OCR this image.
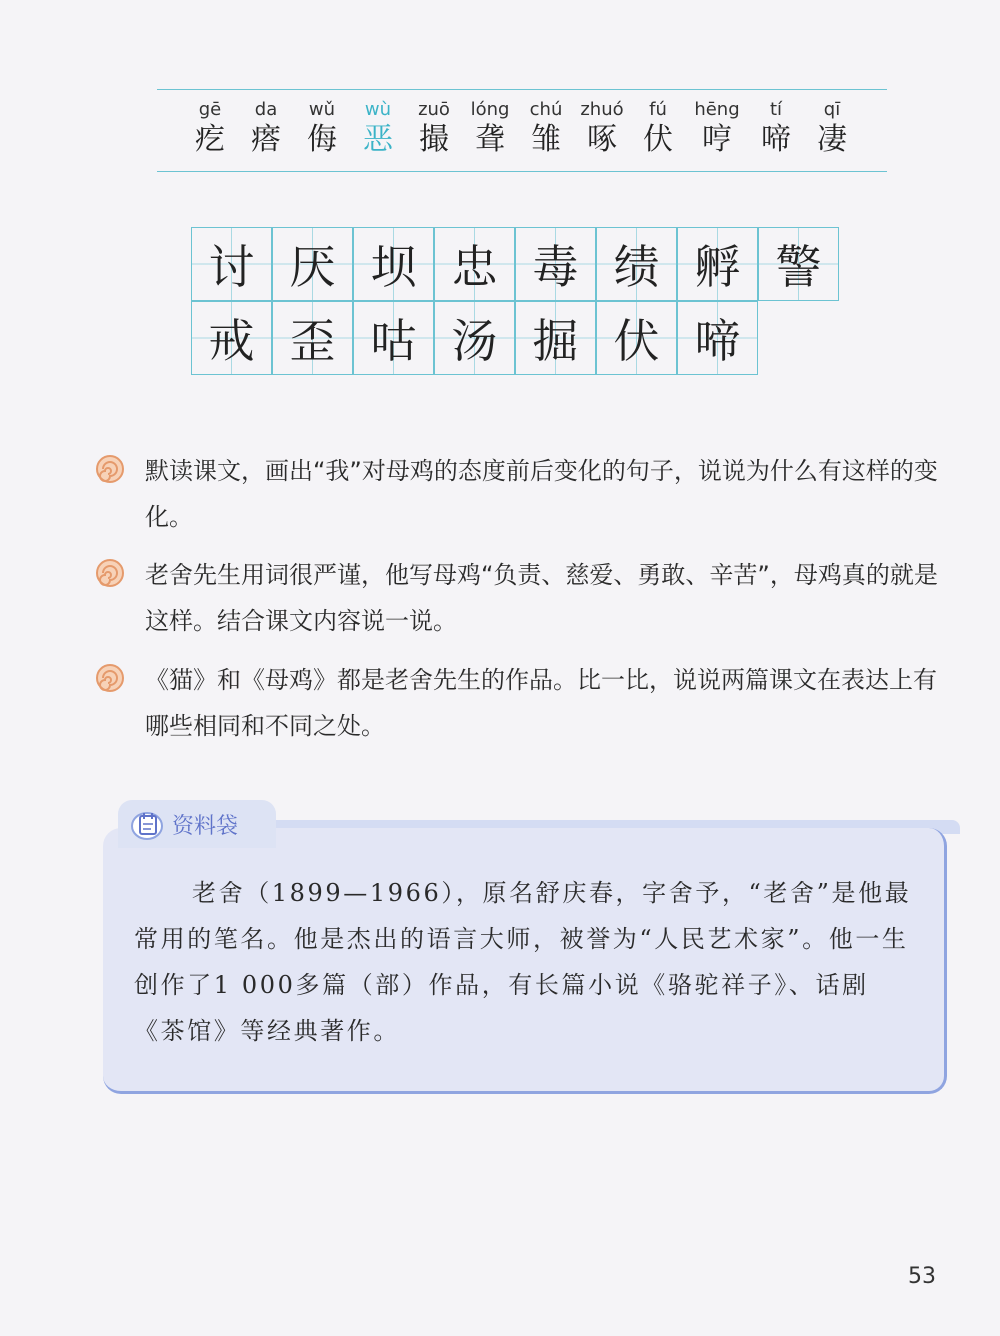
gē
疙
da
瘩
wǔ
侮
wù
恶
zuō
撮
lóng
聋
chú
雏
zhuó
啄
fú
伏
hēng
哼
tí
啼
qī
凄
讨 厌 坝 忠 毒 绩 孵 警
戒 歪 咕 汤 掘 伏 啼
默读课文，画出“我”对母鸡的态度前后变化的句子，说说为什么有这样的变化。
老舍先生用词很严谨，他写母鸡“负责、慈爱、勇敢、辛苦”，母鸡真的就是这样。结合课文内容说一说。
《猫》和《母鸡》都是老舍先生的作品。比一比，说说两篇课文在表达上有哪些相同和不同之处。
资料袋
老舍（1899—1966），原名舒庆春，字舍予，“老舍”是他最常用的笔名。他是杰出的语言大师，被誉为“人民艺术家”。他一生创作了1 000多篇（部）作品，有长篇小说《骆驼祥子》、话剧《茶馆》等经典著作。
53
